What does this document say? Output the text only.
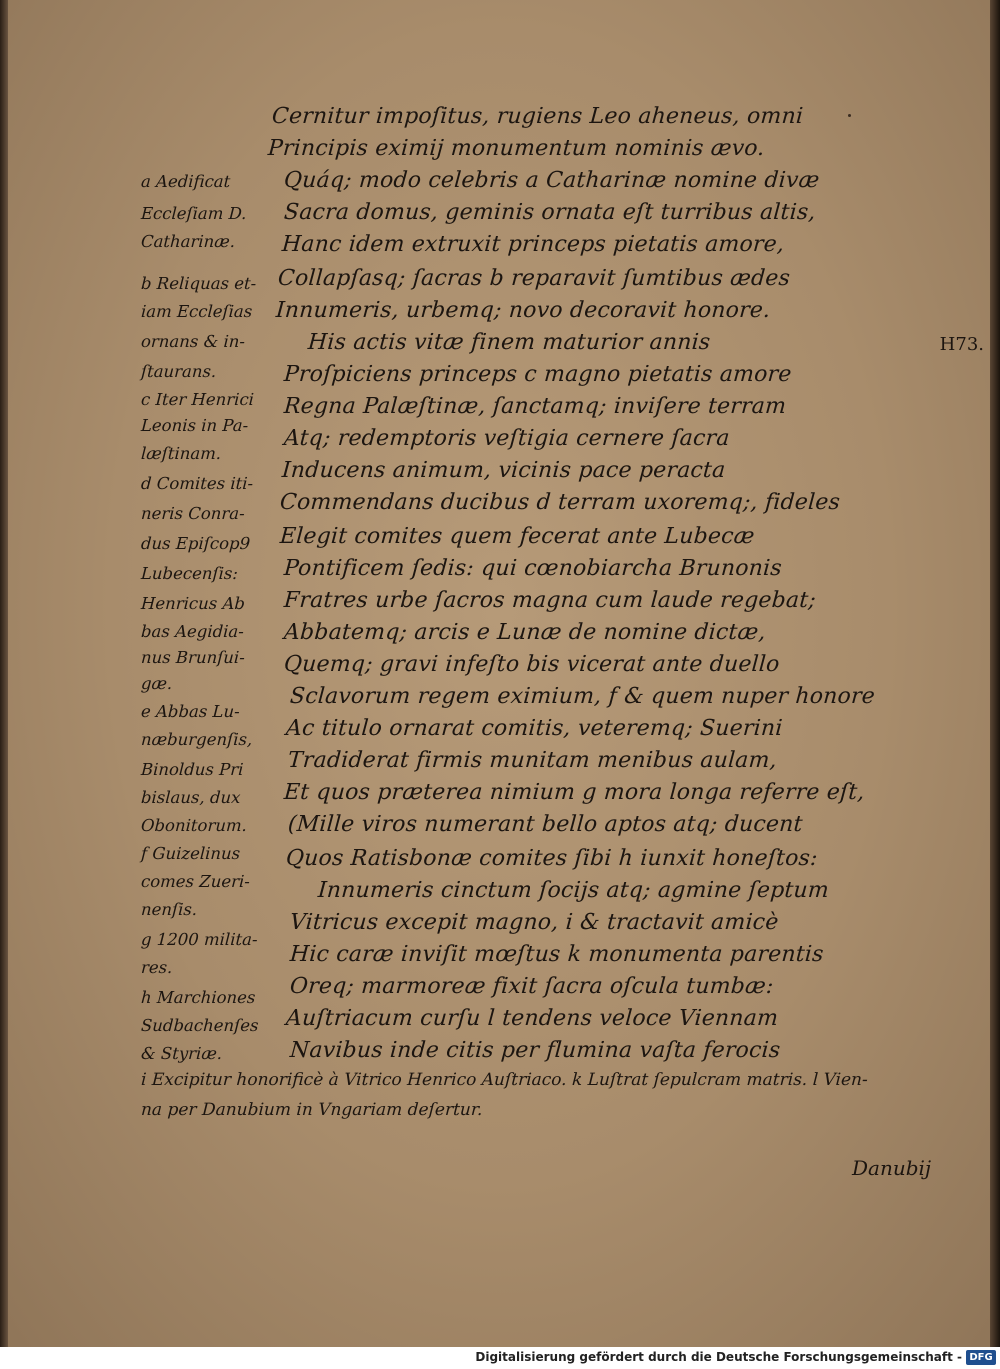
Cernitur impoſitus, rugiens Leo aheneus, omni
Principis eximij monumentum nominis ævo.
Quáq; modo celebris a Catharinæ nomine divæ
Sacra domus, geminis ornata eſt turribus altis,
Hanc idem extruxit princeps pietatis amore,
Collapſasq; ſacras b reparavit ſumtibus ædes
Innumeris, urbemq; novo decoravit honore.
His actis vitæ finem maturior annis
Proſpiciens princeps c magno pietatis amore
Regna Palæſtinæ, ſanctamq; inviſere terram
Atq; redemptoris veſtigia cernere ſacra
Inducens animum, vicinis pace peracta
Commendans ducibus d terram uxoremq;, fideles
Elegit comites quem fecerat ante Lubecæ
Pontificem ſedis: qui cœnobiarcha Brunonis
Fratres urbe ſacros magna cum laude regebat;
Abbatemq; arcis e Lunæ de nomine dictæ,
Quemq; gravi infeſto bis vicerat ante duello
Sclavorum regem eximium, f & quem nuper honore
Ac titulo ornarat comitis, veteremq; Suerini
Tradiderat firmis munitam menibus aulam,
Et quos præterea nimium g mora longa referre eſt,
(Mille viros numerant bello aptos atq; ducent
Quos Ratisbonæ comites ſibi h iunxit honeſtos:
Innumeris cinctum ſocijs atq; agmine ſeptum
Vitricus excepit magno, i & tractavit amicè
Hic caræ inviſit mœſtus k monumenta parentis
Oreq; marmoreæ fixit ſacra oſcula tumbæ:
Auſtriacum curſu l tendens veloce Viennam
Navibus inde citis per flumina vaſta ferocis
H73.
a Aedificat
Eccleſiam D.
Catharinæ.
b Reliquas et-
iam Eccleſias
ornans & in-
ſtaurans.
c Iter Henrici
Leonis in Pa-
læſtinam.
d Comites iti-
neris Conra-
dus Epiſcop9
Lubecenſis:
Henricus Ab
bas Aegidia-
nus Brunſui-
gæ.
e Abbas Lu-
næburgenſis,
Binoldus Pri
bislaus, dux
Obonitorum.
f Guizelinus
comes Zueri-
nenſis.
g 1200 milita-
res.
h Marchiones
Sudbachenſes
& Styriæ.
i Excipitur honorificè à Vitrico Henrico Auſtriaco. k Luſtrat ſepulcram matris. l Vien-
na per Danubium in Vngariam deſertur.
Danubij
Digitalisierung gefördert durch die Deutsche Forschungsgemeinschaft - DFG
